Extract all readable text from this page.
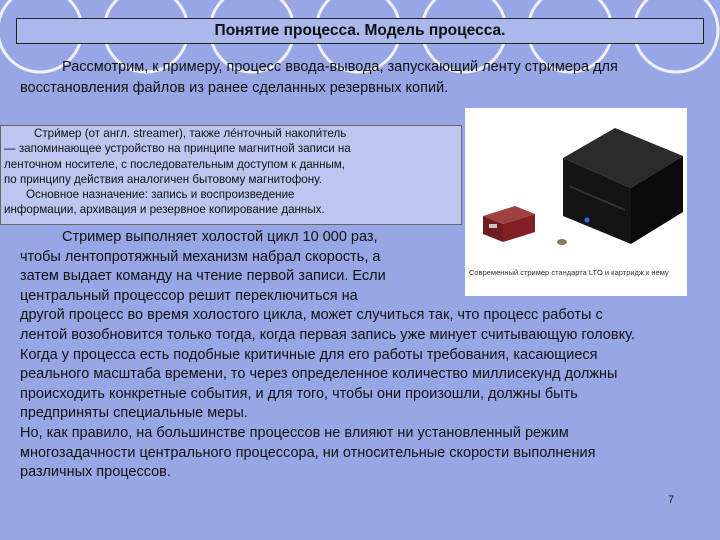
Понятие процесса. Модель процесса.
Рассмотрим, к примеру, процесс ввода-вывода, запускающий ленту стримера для восстановления файлов из ранее сделанных резервных копий.

Стри́мер (от англ. streamer), также ле́нточный накопи́тель

— запоминающее устройство на принципе магнитной записи на

ленточном носителе, с последовательным доступом к данным,

по принципу действия аналогичен бытовому магнитофону.

Основное назначение: запись и воспроизведение

информации, архивация и резервное копирование данных.

Современный стример стандарта LTO и картридж к нему
Стример выполняет холостой цикл 10 000 раз,
чтобы лентопротяжный механизм набрал скорость, а
затем выдает команду на чтение первой записи. Если
центральный процессор решит переключиться на
другой процесс во время холостого цикла, может случиться так, что процесс работы с
лентой возобновится только тогда, когда первая запись уже минует считывающую головку.
Когда у процесса есть подобные критичные для его работы требования, касающиеся
реального масштаба времени, то через определенное количество миллисекунд должны
происходить конкретные события, и для того, чтобы они произошли, должны быть
предприняты специальные меры.
Но, как правило, на большинстве процессов не влияют ни установленный режим
многозадачности центрального процессора, ни относительные скорости выполнения
различных процессов.
7
